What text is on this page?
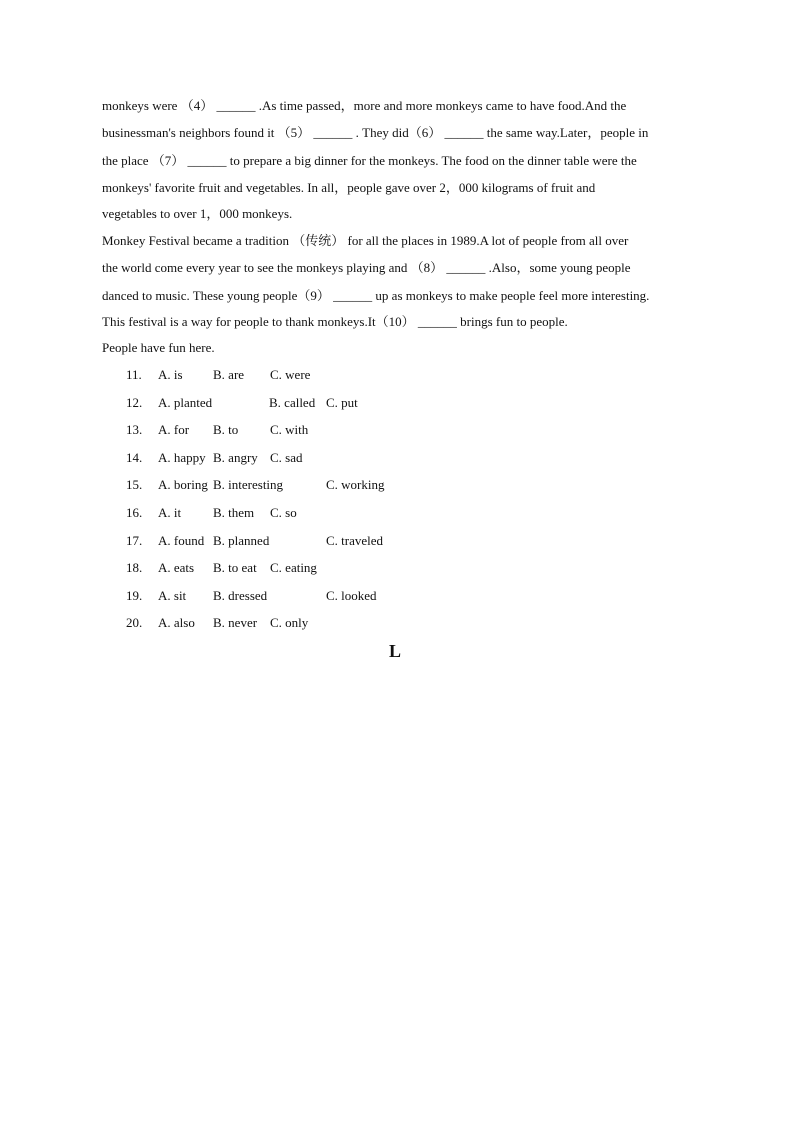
monkeys were （4） ______ .As time passed，more and more monkeys came to have food.And the
businessman's neighbors found it （5） ______ . They did（6） ______ the same way.Later，people in
the place （7） ______ to prepare a big dinner for the monkeys. The food on the dinner table were the
monkeys' favorite fruit and vegetables. In all，people gave over 2，000 kilograms of fruit and
vegetables to over 1，000 monkeys.
Monkey Festival became a tradition （传统） for all the places in 1989.A lot of people from all over
the world come every year to see the monkeys playing and （8） ______ .Also，some young people
danced to music. These young people（9） ______ up as monkeys to make people feel more interesting.
This festival is a way for people to thank monkeys.It（10） ______ brings fun to people.
People have fun here.
11. A. is B. are C. were
12. A. planted	B. called C. put
13. A. for B. to C. with
14. A. happy B. angry C. sad
15. A. boring B. interesting	C. working
16. A. it B. them C. so
17. A. found B. planned	C. traveled
18. A. eats B. to eat C. eating
19. A. sit B. dressed	C. looked
20. A. also B. never C. only
L
